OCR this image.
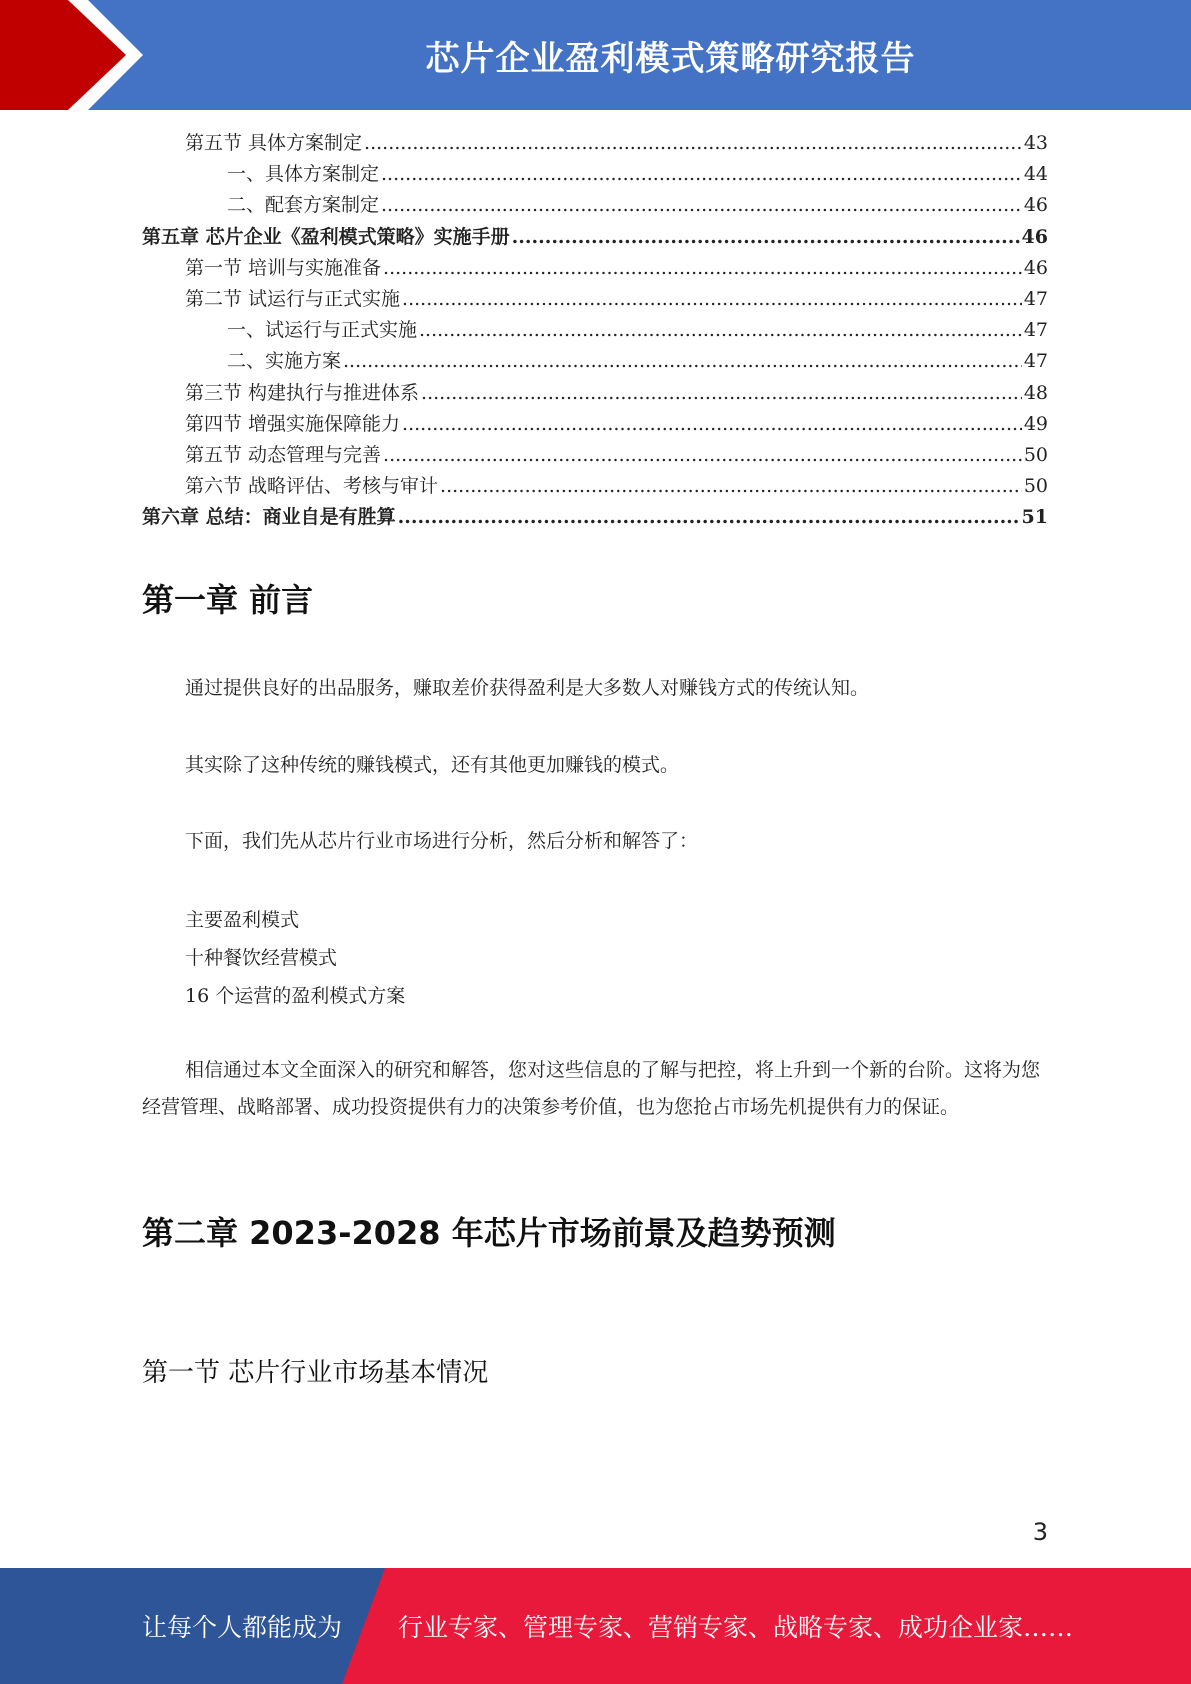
芯片企业盈利模式策略研究报告
第五节 具体方案制定 .....	43
一、具体方案制定 .....	44
二、配套方案制定 .....	46
第五章 芯片企业《盈利模式策略》实施手册 .....	46
第一节 培训与实施准备 .....	46
第二节 试运行与正式实施 .....	47
一、试运行与正式实施 .....	47
二、实施方案 .....	47
第三节 构建执行与推进体系 .....	48
第四节 增强实施保障能力 .....	49
第五节 动态管理与完善 .....	50
第六节 战略评估、考核与审计 .....	50
第六章 总结：商业自是有胜算 .....	51
第一章 前言
通过提供良好的出品服务，赚取差价获得盈利是大多数人对赚钱方式的传统认知。
其实除了这种传统的赚钱模式，还有其他更加赚钱的模式。
下面，我们先从芯片行业市场进行分析，然后分析和解答了：
主要盈利模式
十种餐饮经营模式
16 个运营的盈利模式方案
相信通过本文全面深入的研究和解答，您对这些信息的了解与把控，将上升到一个新的台阶。这将为您经营管理、战略部署、成功投资提供有力的决策参考价值，也为您抢占市场先机提供有力的保证。
第二章 2023-2028 年芯片市场前景及趋势预测
第一节 芯片行业市场基本情况
3
让每个人都能成为 行业专家、管理专家、营销专家、战略专家、成功企业家……
